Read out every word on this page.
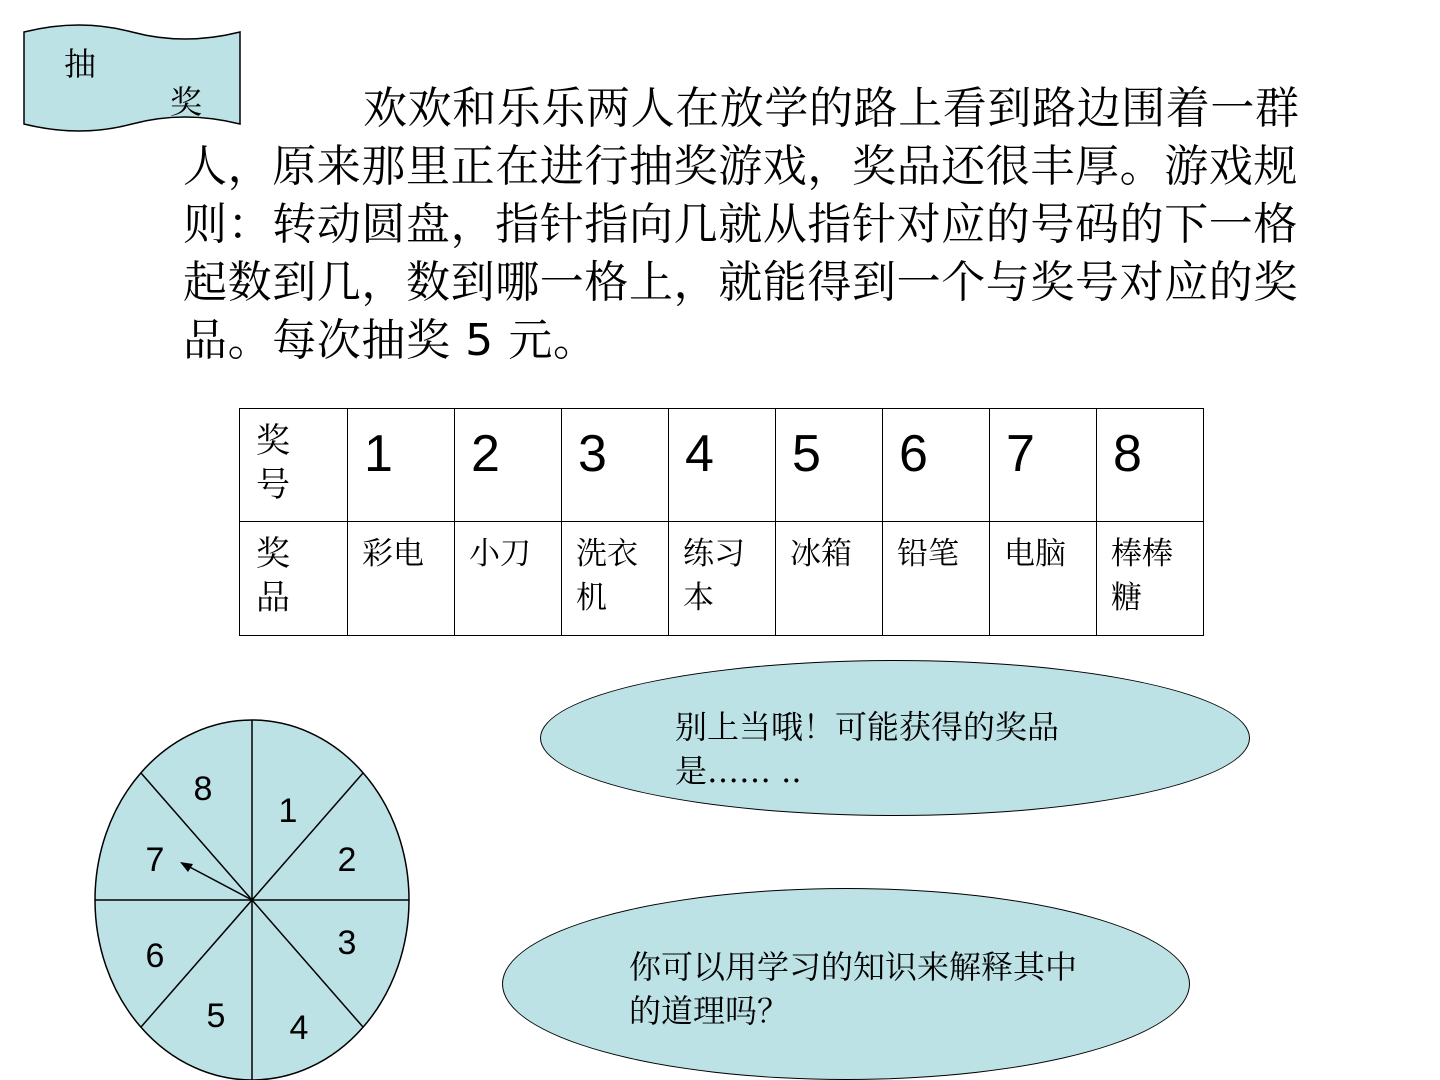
抽
奖	欢欢和乐乐两人在放学的路上看到路边围着一群人，原来那里正在进行抽奖游戏，奖品还很丰厚。游戏规则：转动圆盘，指针指向几就从指针对应的号码的下一格起数到几，数到哪一格上，就能得到一个与奖号对应的奖品。每次抽奖 5 元。
奖号	1	2	3	4	5	6	7	8

奖品	彩电	小刀	洗衣机	练习本	冰箱	铅笔	电脑	棒棒糖
1
2
3
4
5
6
7
8
别上当哦！可能获得的奖品是…… ..
你可以用学习的知识来解释其中的道理吗？
